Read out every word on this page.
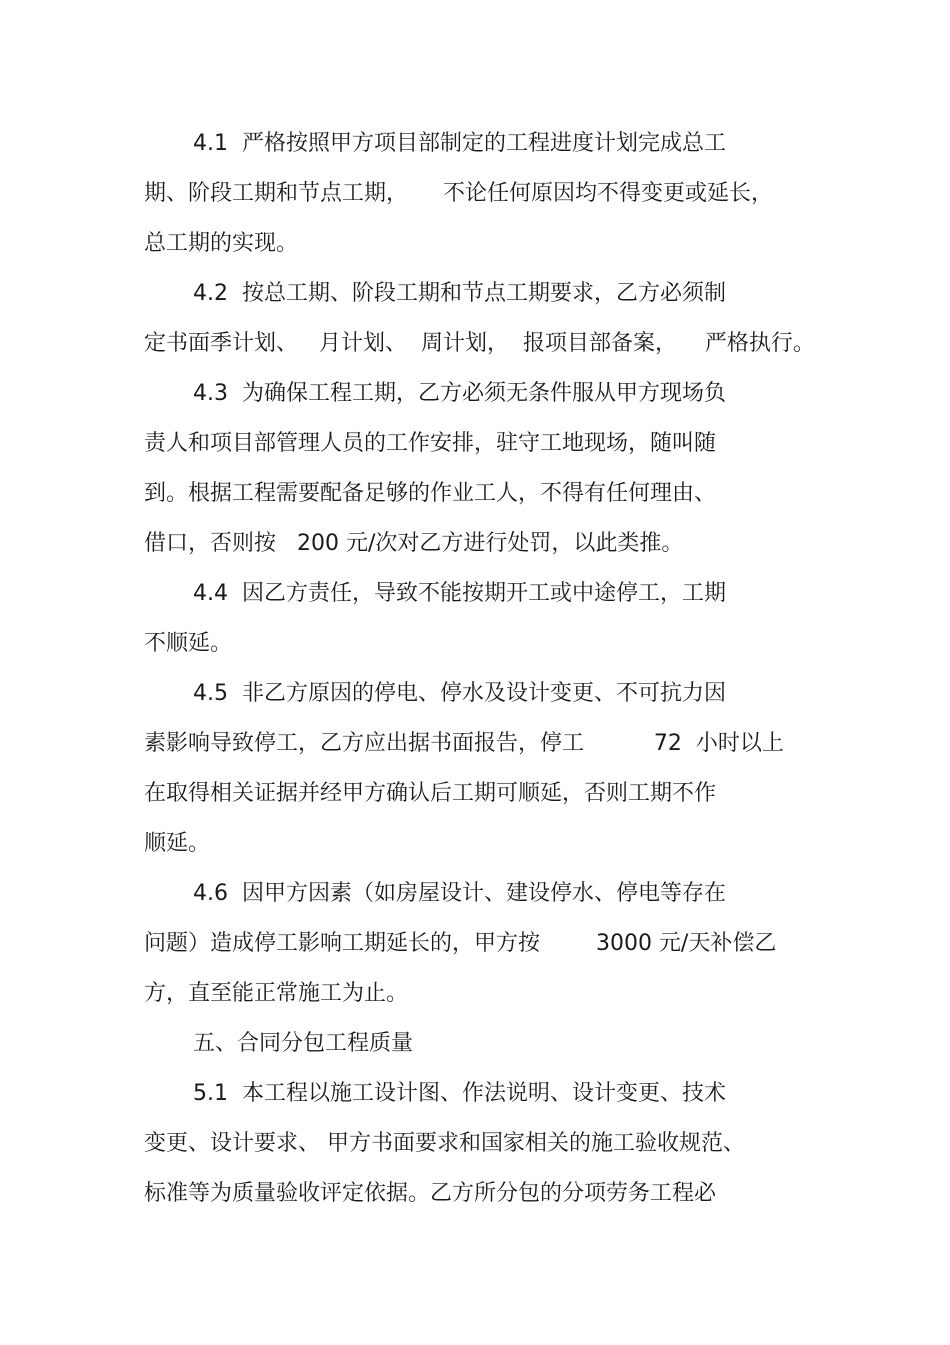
4.1  严格按照甲方项目部制定的工程进度计划完成总工
期、阶段工期和节点工期，     不论任何原因均不得变更或延长，
总工期的实现。
4.2  按总工期、阶段工期和节点工期要求，乙方必须制
定书面季计划、   月计划、  周计划，  报项目部备案，    严格执行。
4.3  为确保工程工期，乙方必须无条件服从甲方现场负
责人和项目部管理人员的工作安排，驻守工地现场，随叫随
到。根据工程需要配备足够的作业工人，不得有任何理由、
借口，否则按   200 元/次对乙方进行处罚，以此类推。
4.4  因乙方责任，导致不能按期开工或中途停工，工期
不顺延。
4.5  非乙方原因的停电、停水及设计变更、不可抗力因
素影响导致停工，乙方应出据书面报告，停工          72  小时以上
在取得相关证据并经甲方确认后工期可顺延，否则工期不作
顺延。
4.6  因甲方因素（如房屋设计、建设停水、停电等存在
问题）造成停工影响工期延长的，甲方按        3000 元/天补偿乙
方，直至能正常施工为止。
五、合同分包工程质量
5.1  本工程以施工设计图、作法说明、设计变更、技术
变更、设计要求、 甲方书面要求和国家相关的施工验收规范、
标准等为质量验收评定依据。乙方所分包的分项劳务工程必
